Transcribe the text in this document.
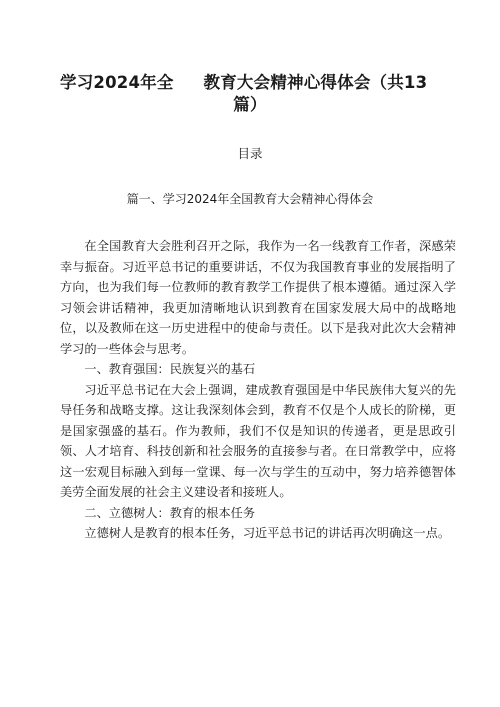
学习2024年全 教育大会精神心得体会（共13
篇）
目录
篇一、学习2024年全国教育大会精神心得体会

在全国教育大会胜利召开之际，我作为一名一线教育工作者，深感荣幸与振奋。习近平总书记的重要讲话，不仅为我国教育事业的发展指明了方向，也为我们每一位教师的教育教学工作提供了根本遵循。通过深入学习领会讲话精神，我更加清晰地认识到教育在国家发展大局中的战略地位，以及教师在这一历史进程中的使命与责任。以下是我对此次大会精神学习的一些体会与思考。

一、教育强国：民族复兴的基石

习近平总书记在大会上强调，建成教育强国是中华民族伟大复兴的先导任务和战略支撑。这让我深刻体会到，教育不仅是个人成长的阶梯，更是国家强盛的基石。作为教师，我们不仅是知识的传递者，更是思政引领、人才培育、科技创新和社会服务的直接参与者。在日常教学中，应将这一宏观目标融入到每一堂课、每一次与学生的互动中，努力培养德智体美劳全面发展的社会主义建设者和接班人。

二、立德树人：教育的根本任务

立德树人是教育的根本任务，习近平总书记的讲话再次明确这一点。
